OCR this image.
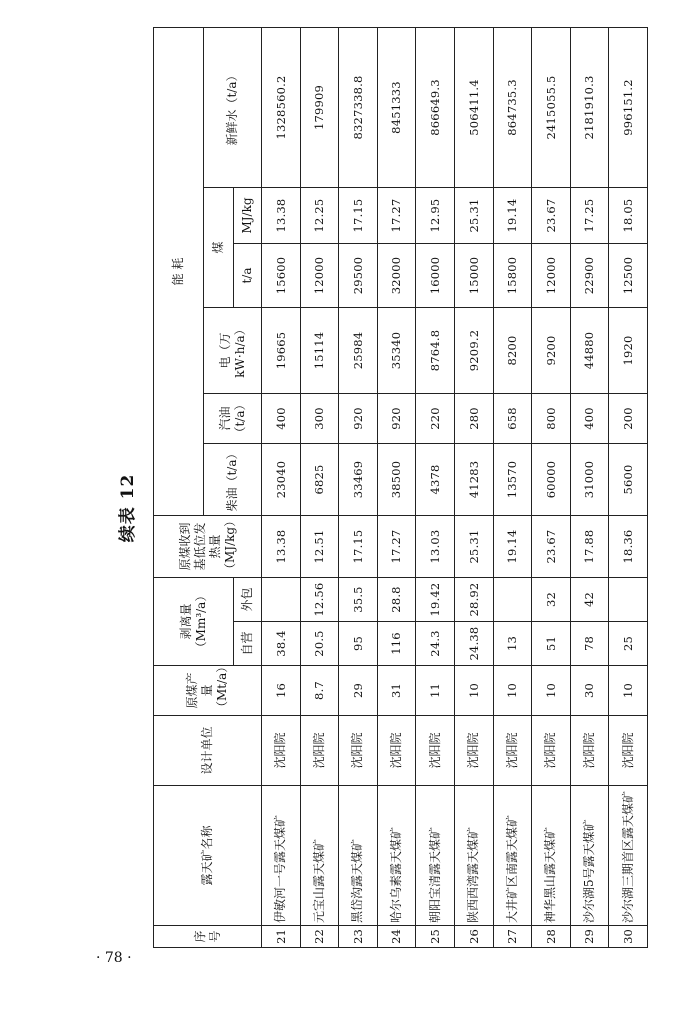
续表 12
序号	露天矿名称	设计单位	原煤产量（Mt/a）	剥离量（Mm³/a）		原煤收到基低位发热量（MJ/kg）	能 耗					
							柴油（t/a）	汽油（t/a）	电（万 kW·h/a）	煤		新鲜水（t/a）
				自营	外包					t/a	MJ/kg	
21	伊敏河一号露天煤矿	沈阳院	16	38.4		13.38	23040	400	19665	15600	13.38	1328560.2
22	元宝山露天煤矿	沈阳院	8.7	20.5	12.56	12.51	6825	300	15114	12000	12.25	179909
23	黑岱沟露天煤矿	沈阳院	29	95	35.5	17.15	33469	920	25984	29500	17.15	8327338.8
24	哈尔乌素露天煤矿	沈阳院	31	116	28.8	17.27	38500	920	35340	32000	17.27	8451333
25	朝阳宝清露天煤矿	沈阳院	11	24.3	19.42	13.03	4378	220	8764.8	16000	12.95	866649.3
26	陕西西湾露天煤矿	沈阳院	10	24.38	28.92	25.31	41283	280	9209.2	15000	25.31	506411.4
27	大井矿区南露天煤矿	沈阳院	10	13		19.14	13570	658	8200	15800	19.14	864735.3
28	神华黑山露天煤矿	沈阳院	10	51	32	23.67	60000	800	9200	12000	23.67	2415055.5
29	沙尔湖5号露天煤矿	沈阳院	30	78	42	17.88	31000	400	44880	22900	17.25	2181910.3
30	沙尔湖三期首区露天煤矿	沈阳院	10	25		18.36	5600	200	1920	12500	18.05	996151.2
· 78 ·
